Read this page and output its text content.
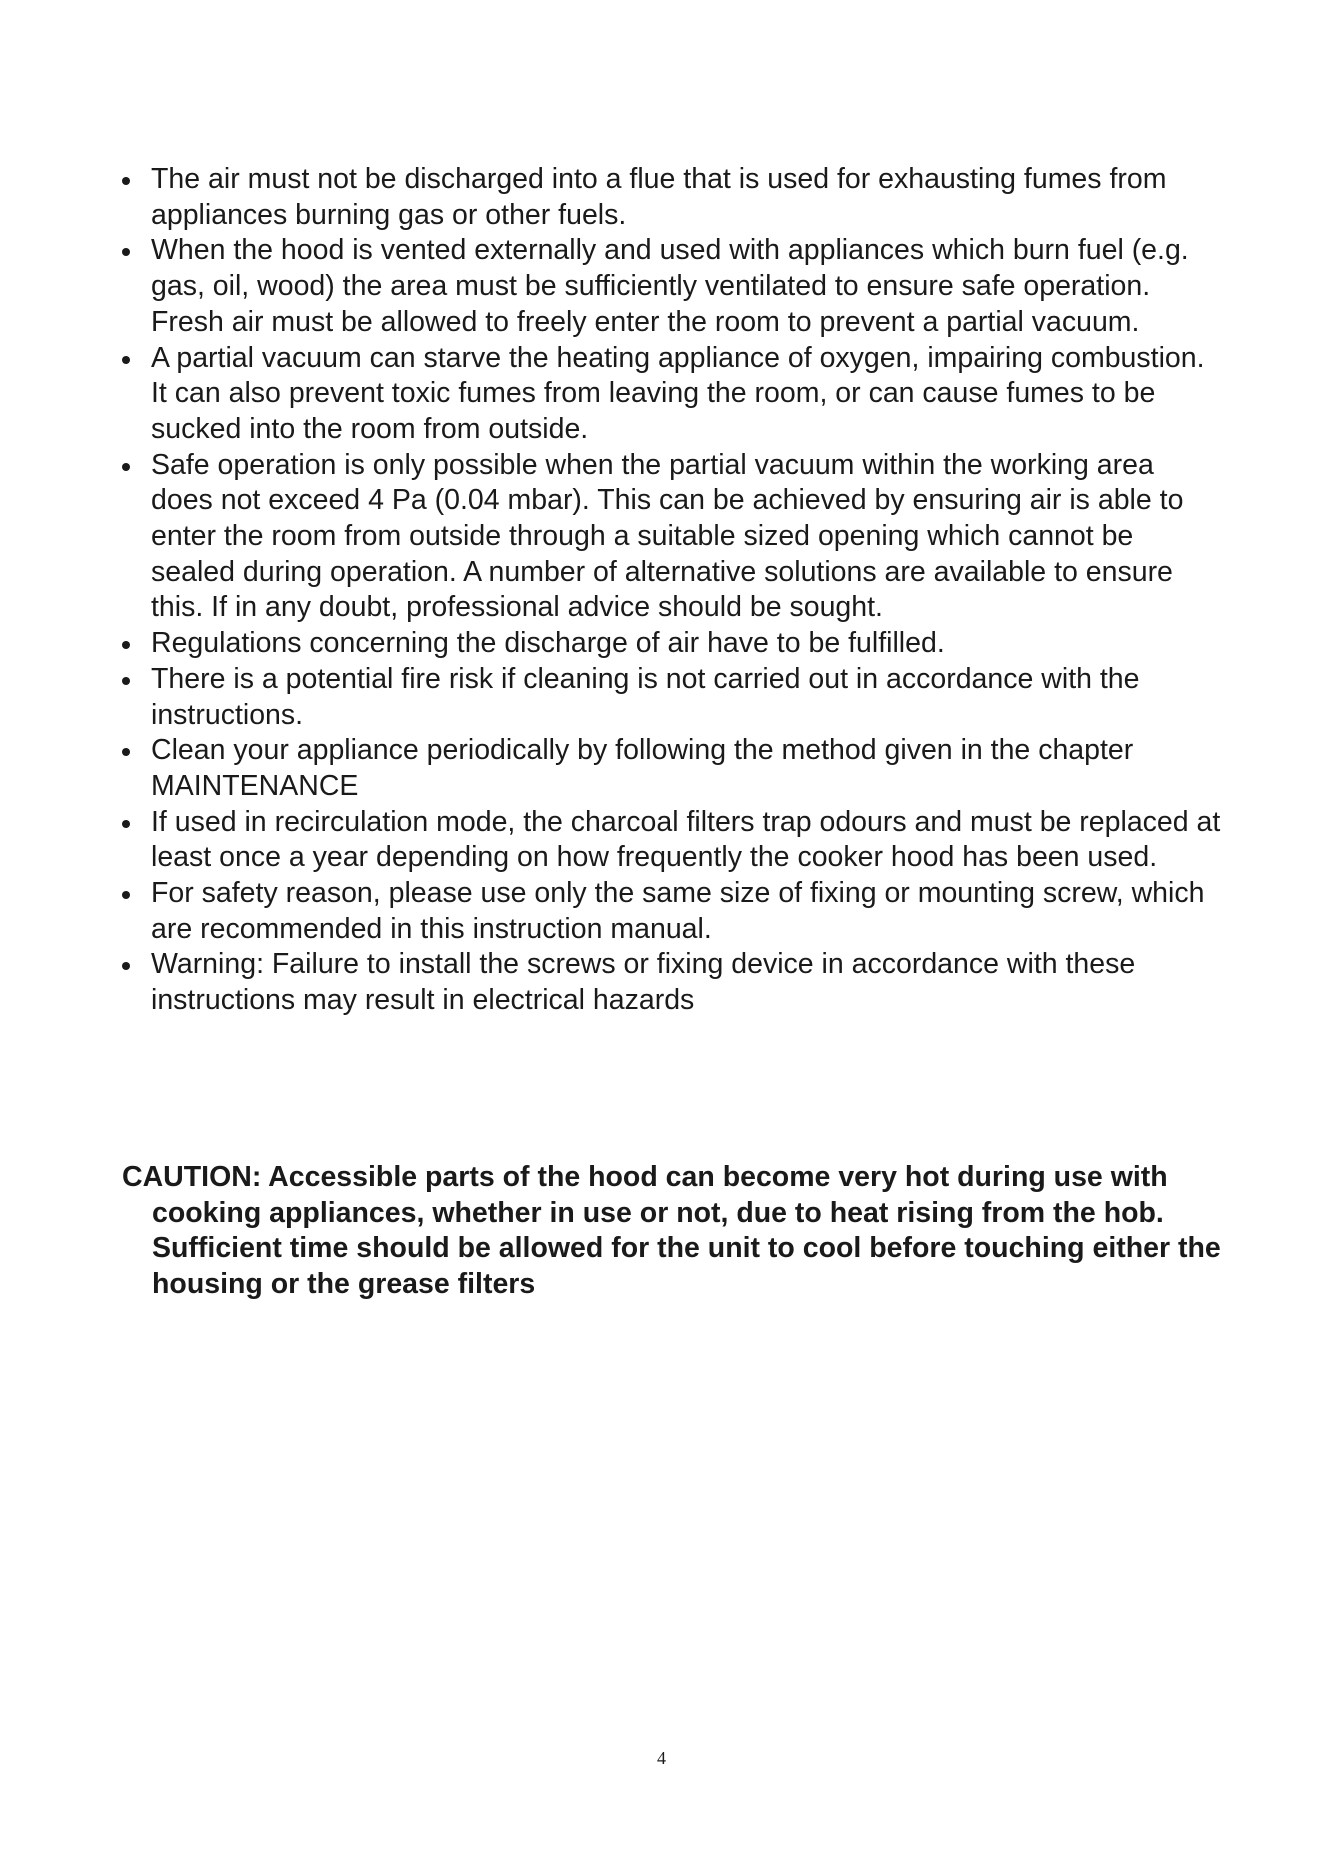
The air must not be discharged into a flue that is used for exhausting fumes from appliances burning gas or other fuels.
When the hood is vented externally and used with appliances which burn fuel (e.g. gas, oil, wood) the area must be sufficiently ventilated to ensure safe operation. Fresh air must be allowed to freely enter the room to prevent a partial vacuum.
A partial vacuum can starve the heating appliance of oxygen, impairing combustion. It can also prevent toxic fumes from leaving the room, or can cause fumes to be sucked into the room from outside.
Safe operation is only possible when the partial vacuum within the working area does not exceed 4 Pa (0.04 mbar). This can be achieved by ensuring air is able to enter the room from outside through a suitable sized opening which cannot be sealed during operation. A number of alternative solutions are available to ensure this. If in any doubt, professional advice should be sought.
Regulations concerning the discharge of air have to be fulfilled.
There is a potential fire risk if cleaning is not carried out in accordance with the instructions.
Clean your appliance periodically by following the method given in the chapter MAINTENANCE
If used in recirculation mode, the charcoal filters trap odours and must be replaced at least once a year depending on how frequently the cooker hood has been used.
For safety reason, please use only the same size of fixing or mounting screw, which are recommended in this instruction manual.
Warning: Failure to install the screws or fixing device in accordance with these instructions may result in electrical hazards

CAUTION: Accessible parts of the hood can become very hot during use with cooking appliances, whether in use or not, due to heat rising from the hob. Sufficient time should be allowed for the unit to cool before touching either the housing or the grease filters

4
